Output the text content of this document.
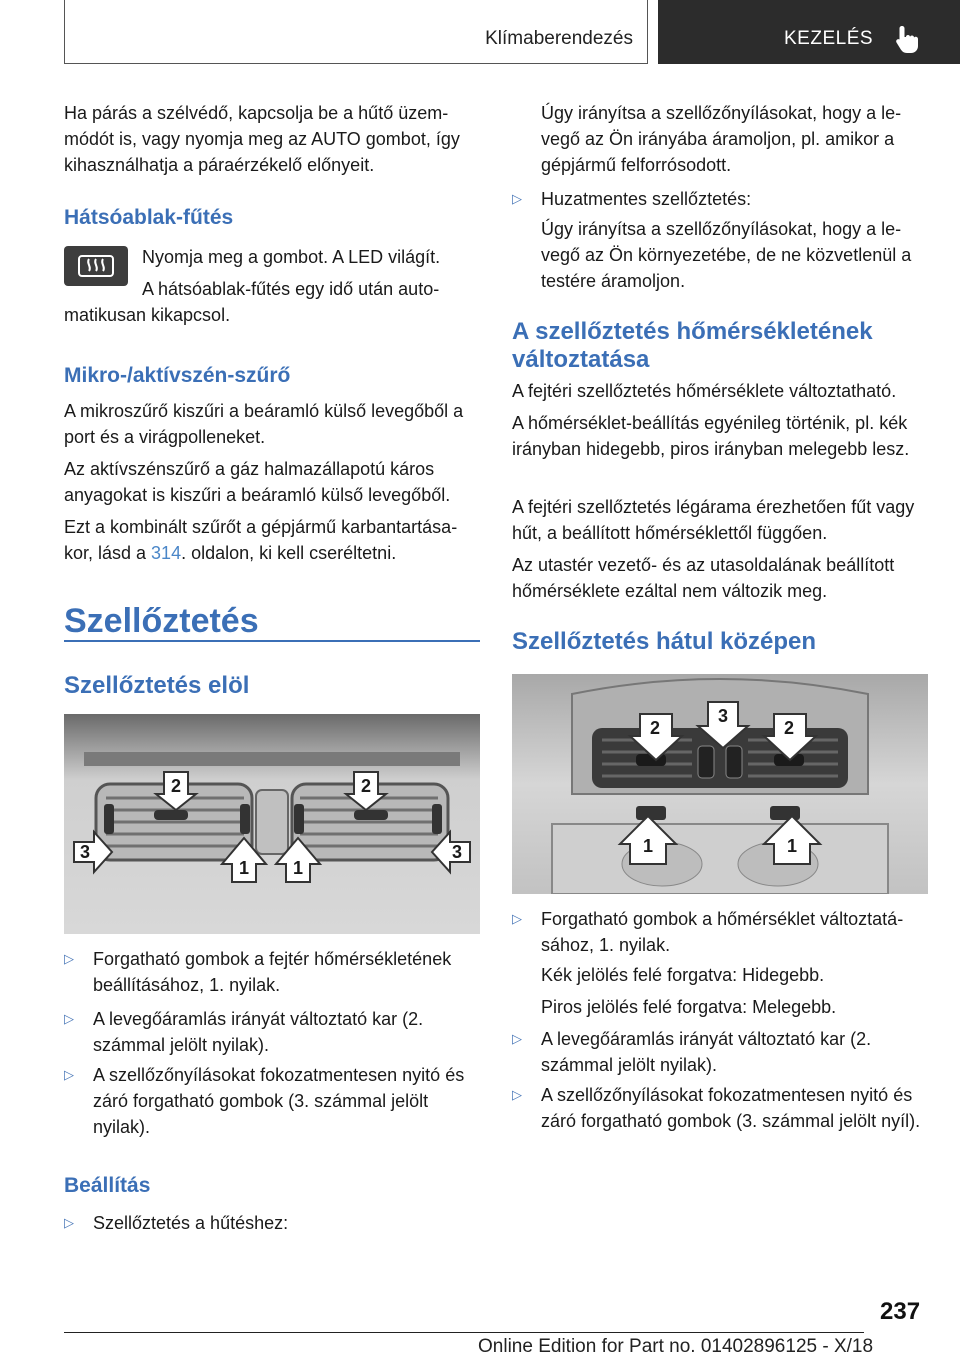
Klímaberendezés	KEZELÉS

Ha párás a szélvédő, kapcsolja be a hűtő üzem-módót is, vagy nyomja meg az AUTO gombot, így kihasználhatja a páraérzékelő előnyeit.

Hátsóablak-fűtés

Nyomja meg a gombot. A LED világít.

A hátsóablak-fűtés egy idő után auto-

matikusan kikapcsol.

Mikro-/aktívszén-szűrő

A mikroszűrő kiszűri a beáramló külső levegőből a port és a virágpolleneket.

Az aktívszénszűrő a gáz halmazállapotú káros anyagokat is kiszűri a beáramló külső levegőből.

Ezt a kombinált szűrőt a gépjármű karbantartása-kor, lásd a 314. oldalon, ki kell cseréltetni.

Szellőztetés
Szellőztetés elöl
2	2
3
1 1
3
▷ Forgatható gombok a fejtér hőmérsékletének beállításához, 1. nyilak.
▷ A levegőáramlás irányát változtató kar (2. számmal jelölt nyilak).
▷ A szellőzőnyílásokat fokozatmentesen nyitó és záró forgatható gombok (3. számmal jelölt nyilak).
Beállítás
▷ Szellőztetés a hűtéshez:

Úgy irányítsa a szellőzőnyílásokat, hogy a le-vegő az Ön irányába áramoljon, pl. amikor a gépjármű felforrósodott.

▷ Huzatmentes szellőztetés:

Úgy irányítsa a szellőzőnyílásokat, hogy a le-vegő az Ön környezetébe, de ne közvetlenül a testére áramoljon.

A szellőztetés hőmérsékletének változtatása

A fejtéri szellőztetés hőmérséklete változtatható.

A hőmérséklet-beállítás egyénileg történik, pl. kék irányban hidegebb, piros irányban melegebb lesz.

A fejtéri szellőztetés légárama érezhetően fűt vagy hűt, a beállított hőmérséklettől függően.

Az utastér vezető- és az utasoldalának beállított hőmérséklete ezáltal nem változik meg.

Szellőztetés hátul középen
2
3
2
1	1
▷ Forgatható gombok a hőmérséklet változtatá-sához, 1. nyilak.

Kék jelölés felé forgatva: Hidegebb.

Piros jelölés felé forgatva: Melegebb.

▷ A levegőáramlás irányát változtató kar (2. számmal jelölt nyilak).
▷ A szellőzőnyílásokat fokozatmentesen nyitó és záró forgatható gombok (3. számmal jelölt nyíl).
237
Online Edition for Part no. 01402896125 - X/18
